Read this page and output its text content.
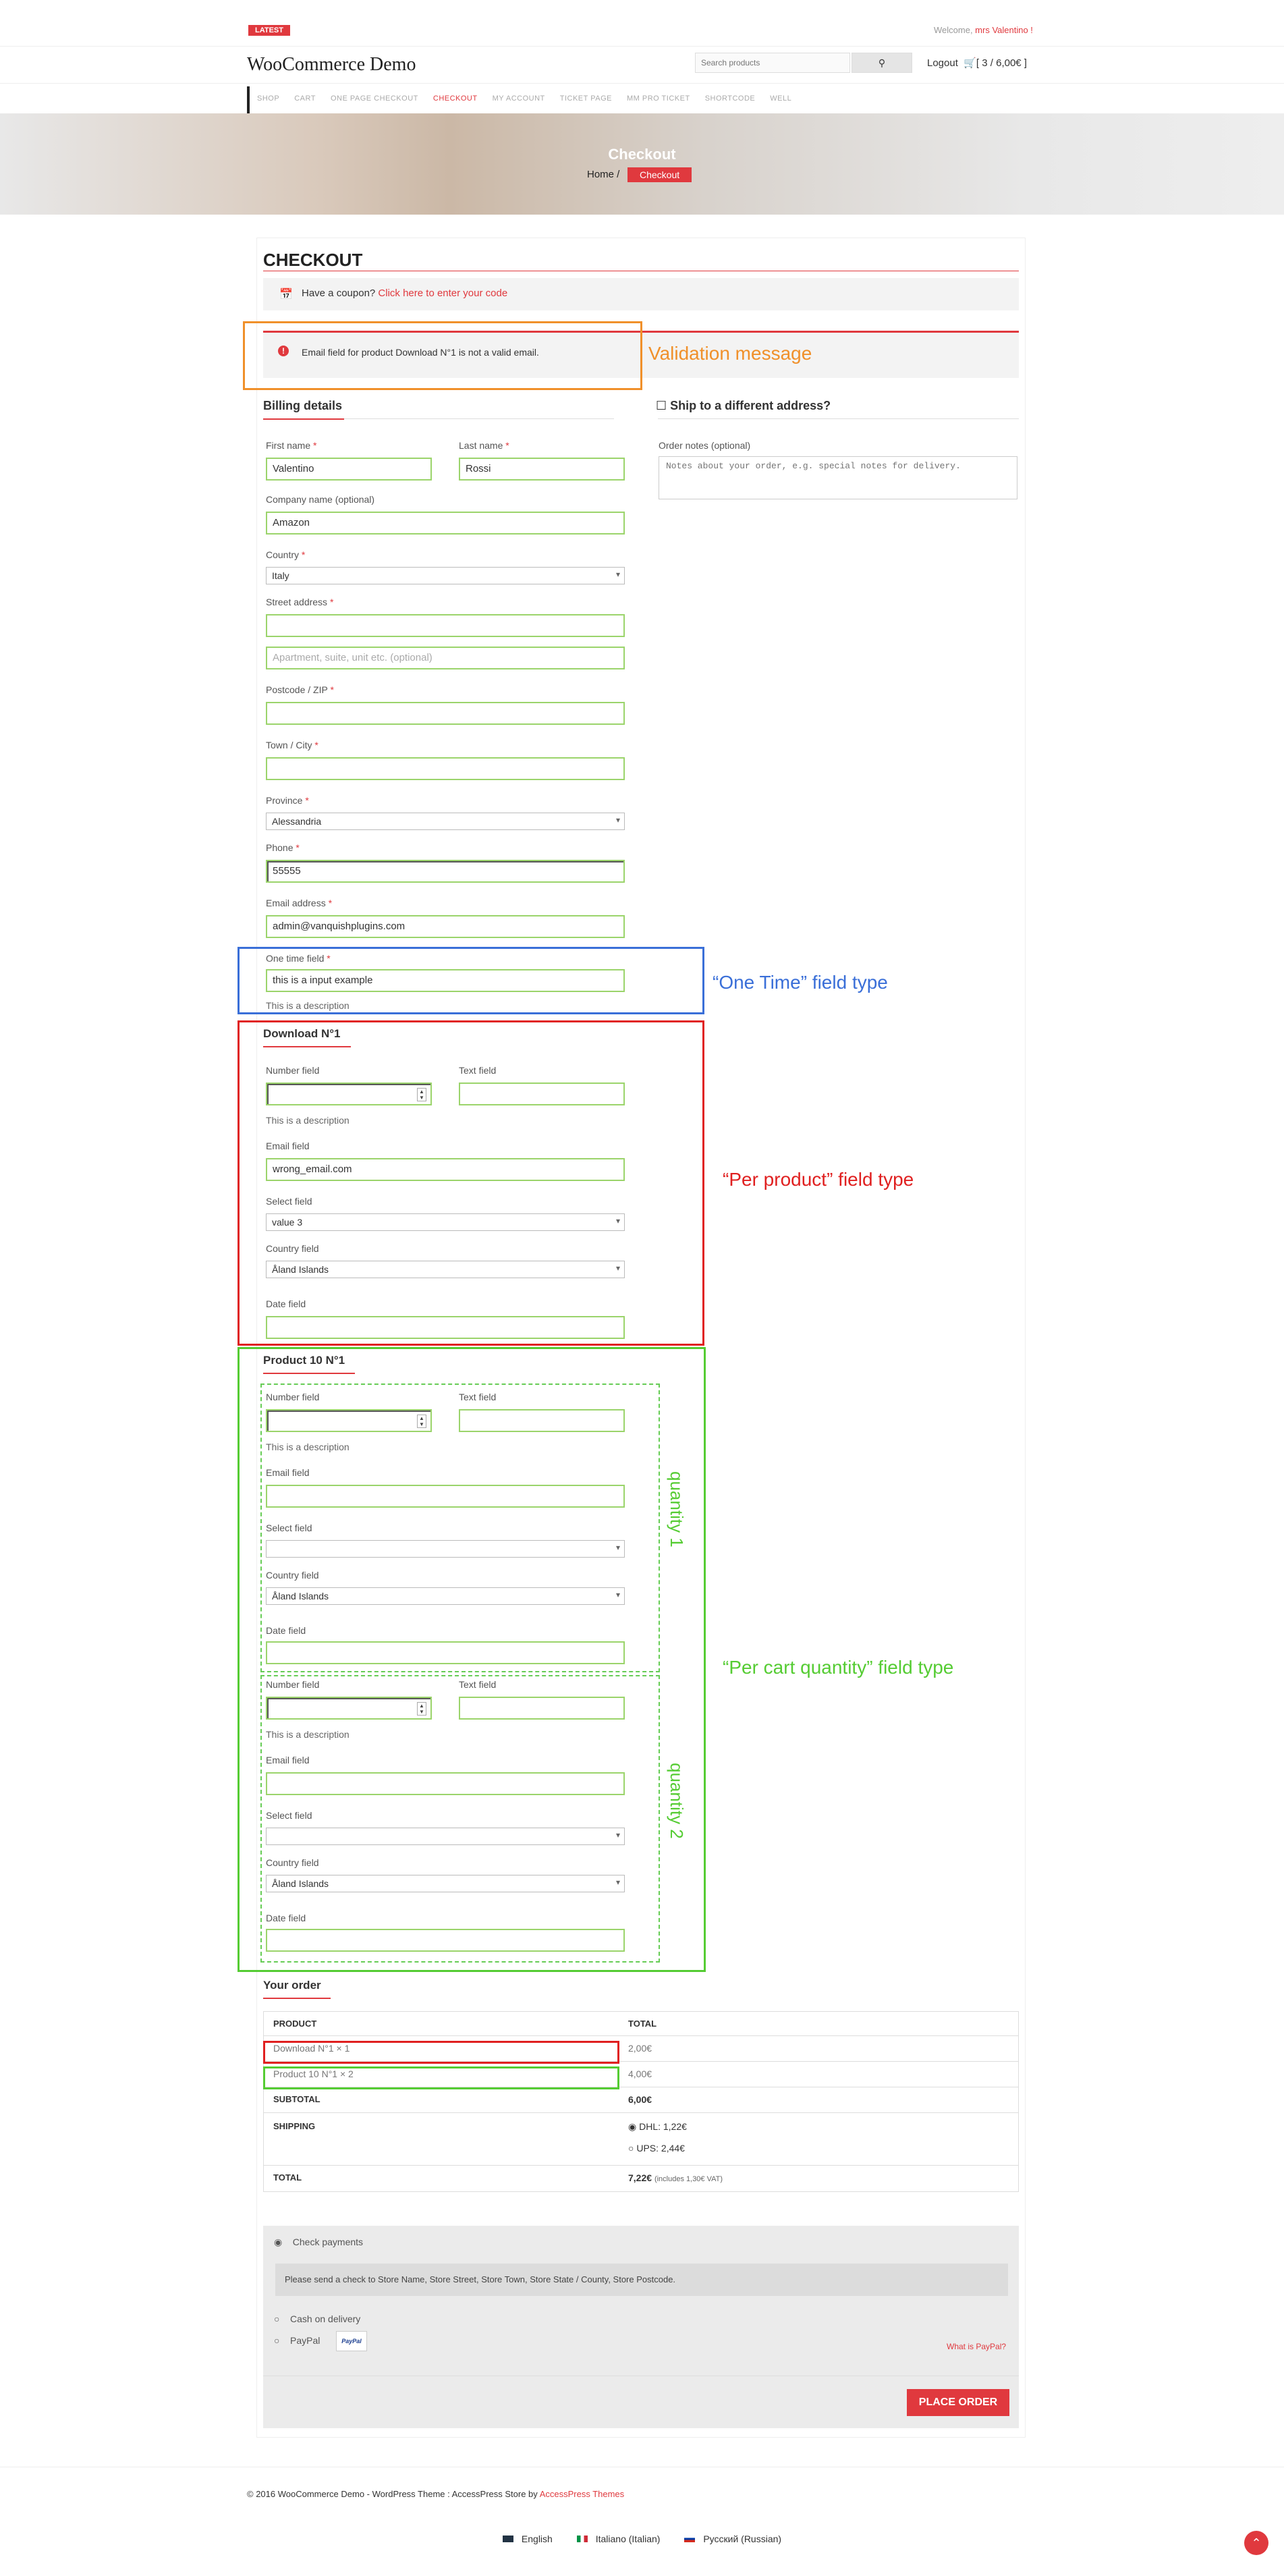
LATEST	Welcome, mrs Valentino !
WooCommerce Demo
Search products	⚲	Logout 🛒[ 3 / 6,00€ ]
SHOP CART ONE PAGE CHECKOUT CHECKOUT MY ACCOUNT TICKET PAGE MM PRO TICKET SHORTCODE WELL
Checkout
Home /	Checkout
CHECKOUT
📅 Have a coupon? Click here to enter your code
!	Email field for product Download N°1 is not a valid email.	Validation message
“One Time” field type
“Per product” field type
“Per cart quantity” field type
Billing details
First name *
Valentino
Last name *
Rossi
Company name (optional)
Amazon
Country *
Italy ▾
Street address *
Apartment, suite, unit etc. (optional)
Postcode / ZIP *
Town / City *
Province *
Alessandria ▾
Phone *
55555
Email address *
admin@vanquishplugins.com
One time field *
this is a input example
This is a description
Download N°1
Number field
▲
▼
Text field
This is a description
Email field
wrong_email.com
Select field
value 3 ▾
Country field
Åland Islands ▾
Date field
Product 10 N°1
quantity 1
Number field
▲
▼
Text field
This is a description
Email field
Select field
▾
Country field
Åland Islands ▾
Date field
quantity 2
Number field
▲
▼
Text field
This is a description
Email field
Select field
▾
Country field
Åland Islands ▾
Date field
☐ Ship to a different address?
Order notes (optional)
Notes about your order, e.g. special notes for delivery.
Your order
PRODUCT	TOTAL
Download N°1 × 1	2,00€
Product 10 N°1 × 2	4,00€
SUBTOTAL	6,00€
SHIPPING	◉ DHL: 1,22€
○ UPS: 2,44€
TOTAL	7,22€ (includes 1,30€ VAT)
◉    Check payments
Please send a check to Store Name, Store Street, Store Town, Store State / County, Store Postcode.
○    Cash on delivery
○    PayPal	PayPal
What is PayPal?
PLACE ORDER
© 2016 WooCommerce Demo - WordPress Theme : AccessPress Store by AccessPress Themes
English	Italiano (Italian)	Русский (Russian)	⌃
